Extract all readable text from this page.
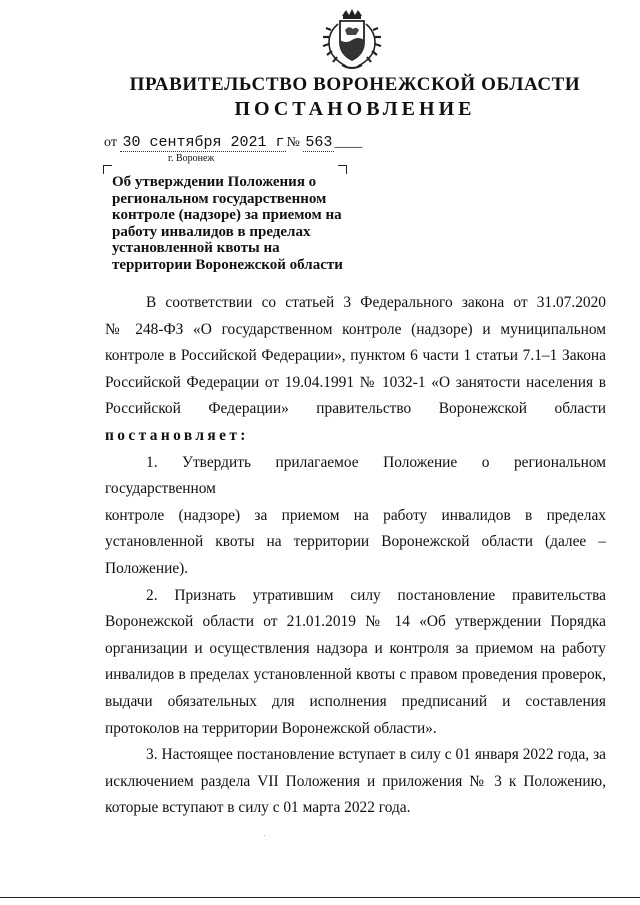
ПРАВИТЕЛЬСТВО ВОРОНЕЖСКОЙ ОБЛАСТИ
ПОСТАНОВЛЕНИЕ
от 30 сентября 2021 г № 563 ____
г. Воронеж
Об утверждении Положения о региональном государственном контроле (надзоре) за приемом на работу инвалидов в пределах установленной квоты на территории Воронежской области

В соответствии со статьей 3 Федерального закона от 31.07.2020

№ 248-ФЗ «О государственном контроле (надзоре) и муниципальном

контроле в Российской Федерации», пунктом 6 части 1 статьи 7.1–1 Закона

Российской Федерации от 19.04.1991 № 1032-1 «О занятости населения в

Российской Федерации» правительство Воронежской области

постановляет:

1. Утвердить прилагаемое Положение о региональном государственном

контроле (надзоре) за приемом на работу инвалидов в пределах

установленной квоты на территории Воронежской области (далее –

Положение).

2. Признать утратившим силу постановление правительства

Воронежской области от 21.01.2019 № 14 «Об утверждении Порядка

организации и осуществления надзора и контроля за приемом на работу

инвалидов в пределах установленной квоты с правом проведения проверок,

выдачи обязательных для исполнения предписаний и составления

протоколов на территории Воронежской области».

3. Настоящее постановление вступает в силу с 01 января 2022 года, за

исключением раздела VII Положения и приложения № 3 к Положению,

которые вступают в силу с 01 марта 2022 года.
